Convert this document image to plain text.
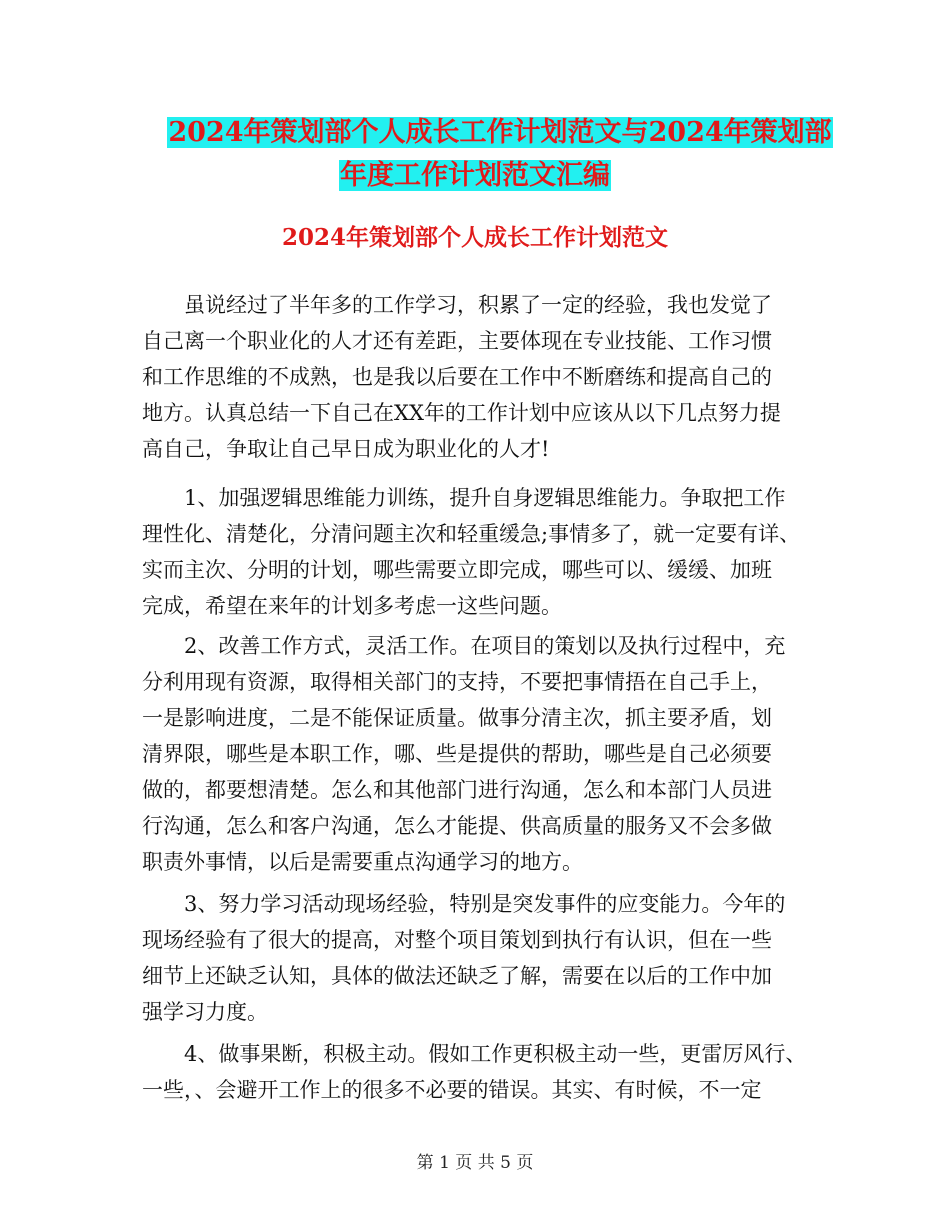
2024年策划部个人成长工作计划范文与2024年策划部
年度工作计划范文汇编
2024年策划部个人成长工作计划范文
　　虽说经过了半年多的工作学习，积累了一定的经验，我也发觉了
自己离一个职业化的人才还有差距，主要体现在专业技能、工作习惯
和工作思维的不成熟，也是我以后要在工作中不断磨练和提高自己的
地方。认真总结一下自己在XX年的工作计划中应该从以下几点努力提
高自己，争取让自己早日成为职业化的人才!
　　1、加强逻辑思维能力训练，提升自身逻辑思维能力。争取把工作
理性化、清楚化，分清问题主次和轻重缓急;事情多了，就一定要有详、
实而主次、分明的计划，哪些需要立即完成，哪些可以、缓缓、加班
完成，希望在来年的计划多考虑一这些问题。
　　2、改善工作方式，灵活工作。在项目的策划以及执行过程中，充
分利用现有资源，取得相关部门的支持，不要把事情捂在自己手上，
一是影响进度，二是不能保证质量。做事分清主次，抓主要矛盾，划
清界限，哪些是本职工作，哪、些是提供的帮助，哪些是自己必须要
做的，都要想清楚。怎么和其他部门进行沟通，怎么和本部门人员进
行沟通，怎么和客户沟通，怎么才能提、供高质量的服务又不会多做
职责外事情，以后是需要重点沟通学习的地方。
　　3、努力学习活动现场经验，特别是突发事件的应变能力。今年的
现场经验有了很大的提高，对整个项目策划到执行有认识，但在一些
细节上还缺乏认知，具体的做法还缺乏了解，需要在以后的工作中加
强学习力度。
　　4、做事果断，积极主动。假如工作更积极主动一些，更雷厉风行、
一些，、会避开工作上的很多不必要的错误。其实、有时候，不一定
第 1 页 共 5 页
